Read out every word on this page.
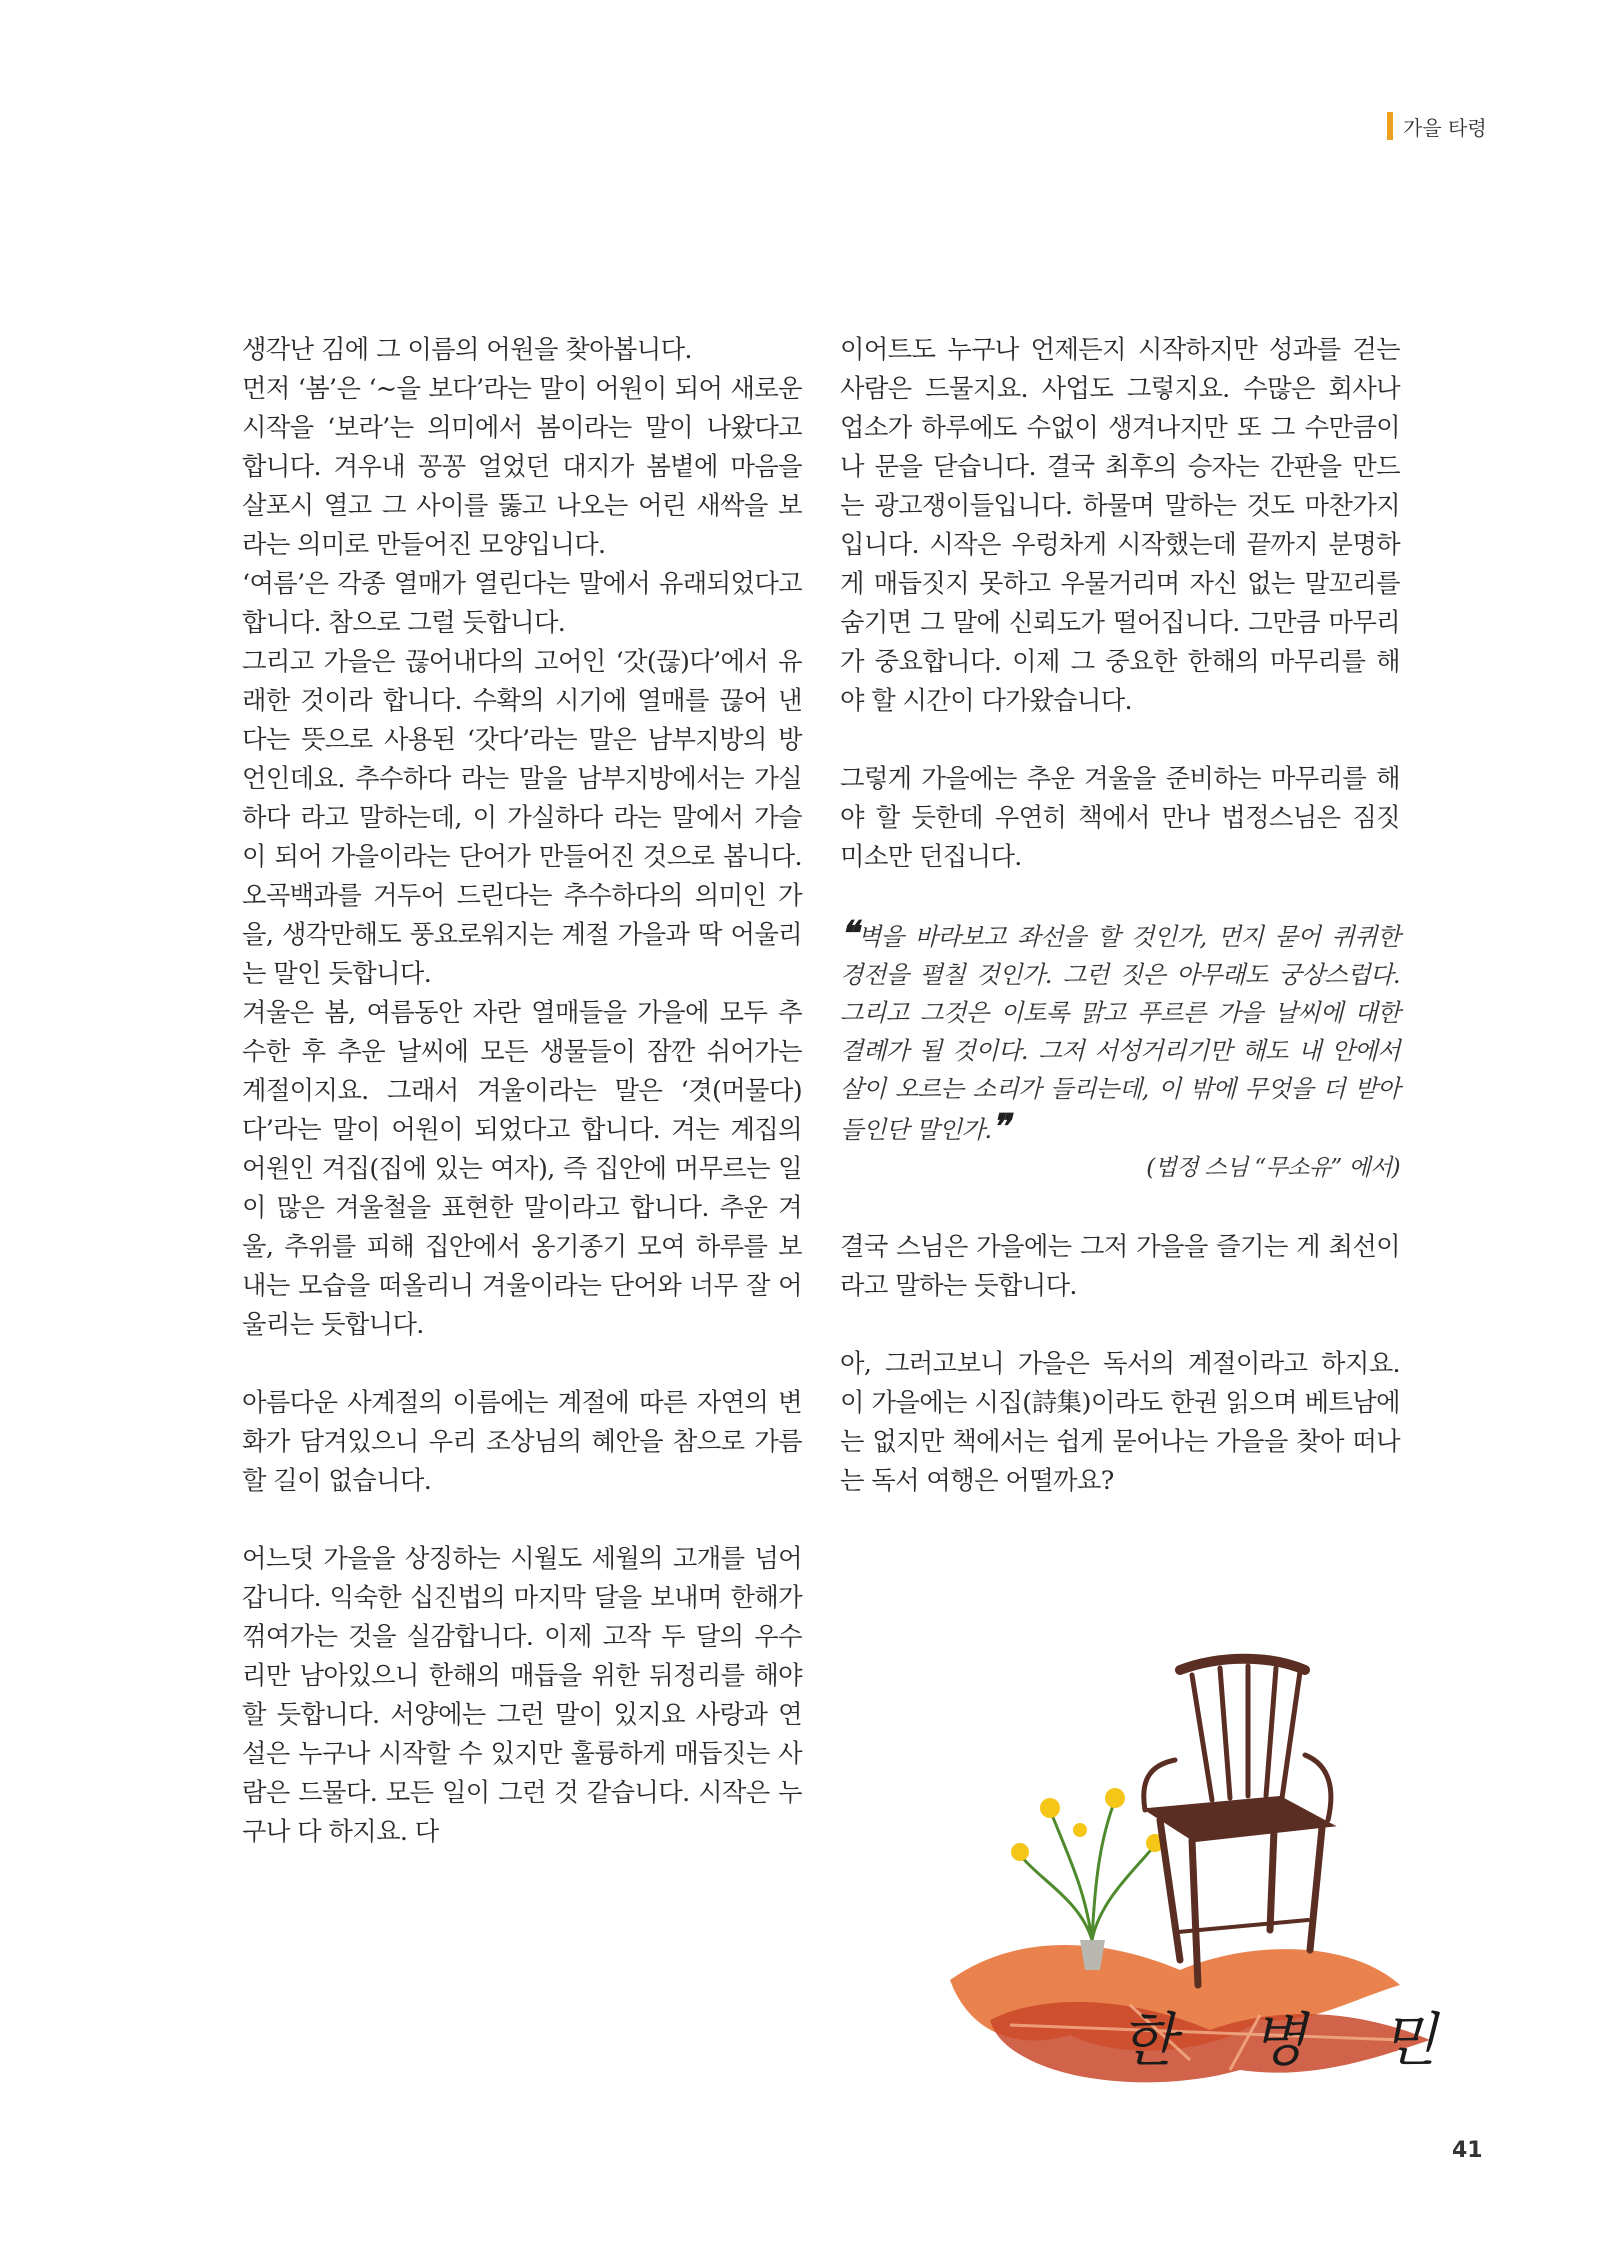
가을 타령

생각난 김에 그 이름의 어원을 찾아봅니다.

먼저 ‘봄’은 ‘~을 보다’라는 말이 어원이 되어 새로운 시작을 ‘보라’는 의미에서 봄이라는 말이 나왔다고 합니다. 겨우내 꽁꽁 얼었던 대지가 봄볕에 마음을 살포시 열고 그 사이를 뚫고 나오는 어린 새싹을 보라는 의미로 만들어진 모양입니다.

‘여름’은 각종 열매가 열린다는 말에서 유래되었다고 합니다. 참으로 그럴 듯합니다.

그리고 가을은 끊어내다의 고어인 ‘갓(끊)다’에서 유래한 것이라 합니다. 수확의 시기에 열매를 끊어 낸다는 뜻으로 사용된 ‘갓다’라는 말은 남부지방의 방언인데요. 추수하다 라는 말을 남부지방에서는 가실하다 라고 말하는데, 이 가실하다 라는 말에서 가슬이 되어 가을이라는 단어가 만들어진 것으로 봅니다. 오곡백과를 거두어 드린다는 추수하다의 의미인 가을, 생각만해도 풍요로워지는 계절 가을과 딱 어울리는 말인 듯합니다.

겨울은 봄, 여름동안 자란 열매들을 가을에 모두 추수한 후 추운 날씨에 모든 생물들이 잠깐 쉬어가는 계절이지요. 그래서 겨울이라는 말은 ‘겻(머물다)다’라는 말이 어원이 되었다고 합니다. 겨는 계집의 어원인 겨집(집에 있는 여자), 즉 집안에 머무르는 일이 많은 겨울철을 표현한 말이라고 합니다. 추운 겨울, 추위를 피해 집안에서 옹기종기 모여 하루를 보내는 모습을 떠올리니 겨울이라는 단어와 너무 잘 어울리는 듯합니다.

아름다운 사계절의 이름에는 계절에 따른 자연의 변화가 담겨있으니 우리 조상님의 혜안을 참으로 가름할 길이 없습니다.

어느덧 가을을 상징하는 시월도 세월의 고개를 넘어갑니다. 익숙한 십진법의 마지막 달을 보내며 한해가 꺾여가는 것을 실감합니다. 이제 고작 두 달의 우수리만 남아있으니 한해의 매듭을 위한 뒤정리를 해야 할 듯합니다. 서양에는 그런 말이 있지요 사랑과 연설은 누구나 시작할 수 있지만 훌륭하게 매듭짓는 사람은 드물다. 모든 일이 그런 것 같습니다. 시작은 누구나 다 하지요. 다

이어트도 누구나 언제든지 시작하지만 성과를 걷는 사람은 드물지요. 사업도 그렇지요. 수많은 회사나 업소가 하루에도 수없이 생겨나지만 또 그 수만큼이나 문을 닫습니다. 결국 최후의 승자는 간판을 만드는 광고쟁이들입니다. 하물며 말하는 것도 마찬가지입니다. 시작은 우렁차게 시작했는데 끝까지 분명하게 매듭짓지 못하고 우물거리며 자신 없는 말꼬리를 숨기면 그 말에 신뢰도가 떨어집니다. 그만큼 마무리가 중요합니다. 이제 그 중요한 한해의 마무리를 해야 할 시간이 다가왔습니다.

그렇게 가을에는 추운 겨울을 준비하는 마무리를 해야 할 듯한데 우연히 책에서 만나 법정스님은 짐짓 미소만 던집니다.

❝벽을 바라보고 좌선을 할 것인가, 먼지 묻어 퀴퀴한 경전을 펼칠 것인가. 그런 짓은 아무래도 궁상스럽다. 그리고 그것은 이토록 맑고 푸르른 가을 날씨에 대한 결례가 될 것이다. 그저 서성거리기만 해도 내 안에서 살이 오르는 소리가 들리는데, 이 밖에 무엇을 더 받아들인단 말인가.❞

(법정 스님 “무소유” 에서)

결국 스님은 가을에는 그저 가을을 즐기는 게 최선이라고 말하는 듯합니다.

아, 그러고보니 가을은 독서의 계절이라고 하지요. 이 가을에는 시집(詩集)이라도 한권 읽으며 베트남에는 없지만 책에서는 쉽게 묻어나는 가을을 찾아 떠나는 독서 여행은 어떨까요?

한 병 민
41
